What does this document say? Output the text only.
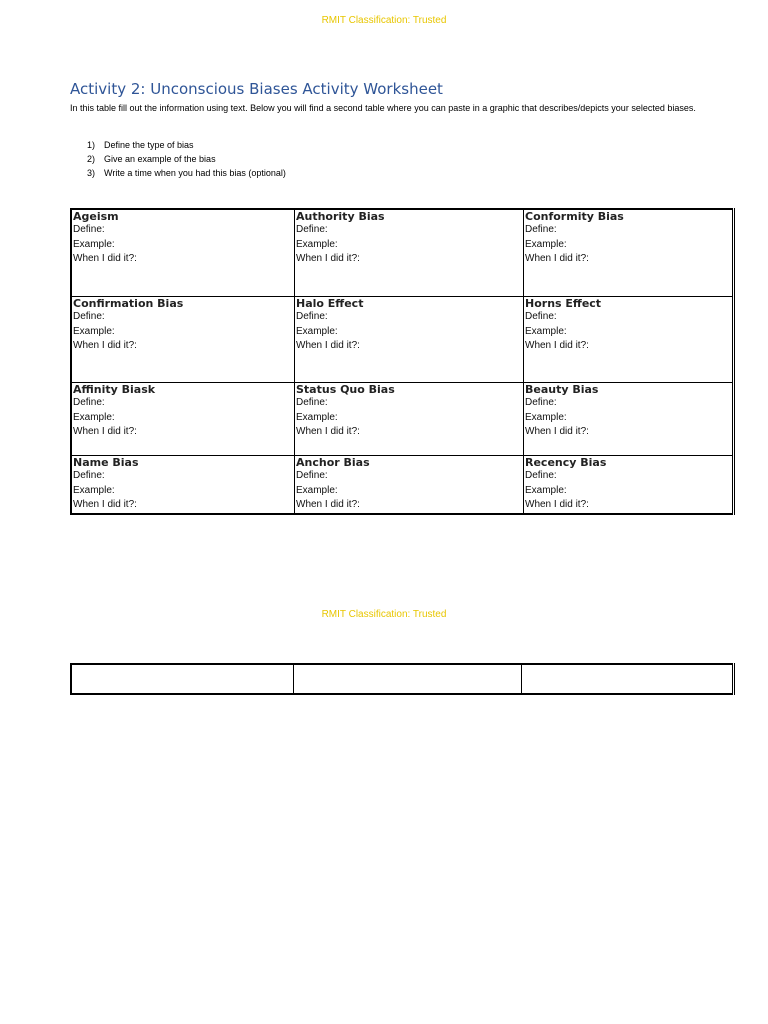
RMIT Classification: Trusted
Activity 2: Unconscious Biases Activity Worksheet

In this table fill out the information using text. Below you will find a second table where you can paste in a graphic that describes/depicts your selected biases.

1) Define the type of bias
2) Give an example of the bias
3) Write a time when you had this bias (optional)
Ageism
Define:
Example:
When I did it?:	Authority Bias
Define:
Example:
When I did it?:	Conformity Bias
Define:
Example:
When I did it?:

Confirmation Bias
Define:
Example:
When I did it?:	Halo Effect
Define:
Example:
When I did it?:	Horns Effect
Define:
Example:
When I did it?:

Affinity Biask
Define:
Example:
When I did it?:	Status Quo Bias
Define:
Example:
When I did it?:	Beauty Bias
Define:
Example:
When I did it?:

Name Bias
Define:
Example:
When I did it?:	Anchor Bias
Define:
Example:
When I did it?:	Recency Bias
Define:
Example:
When I did it?:
RMIT Classification: Trusted
